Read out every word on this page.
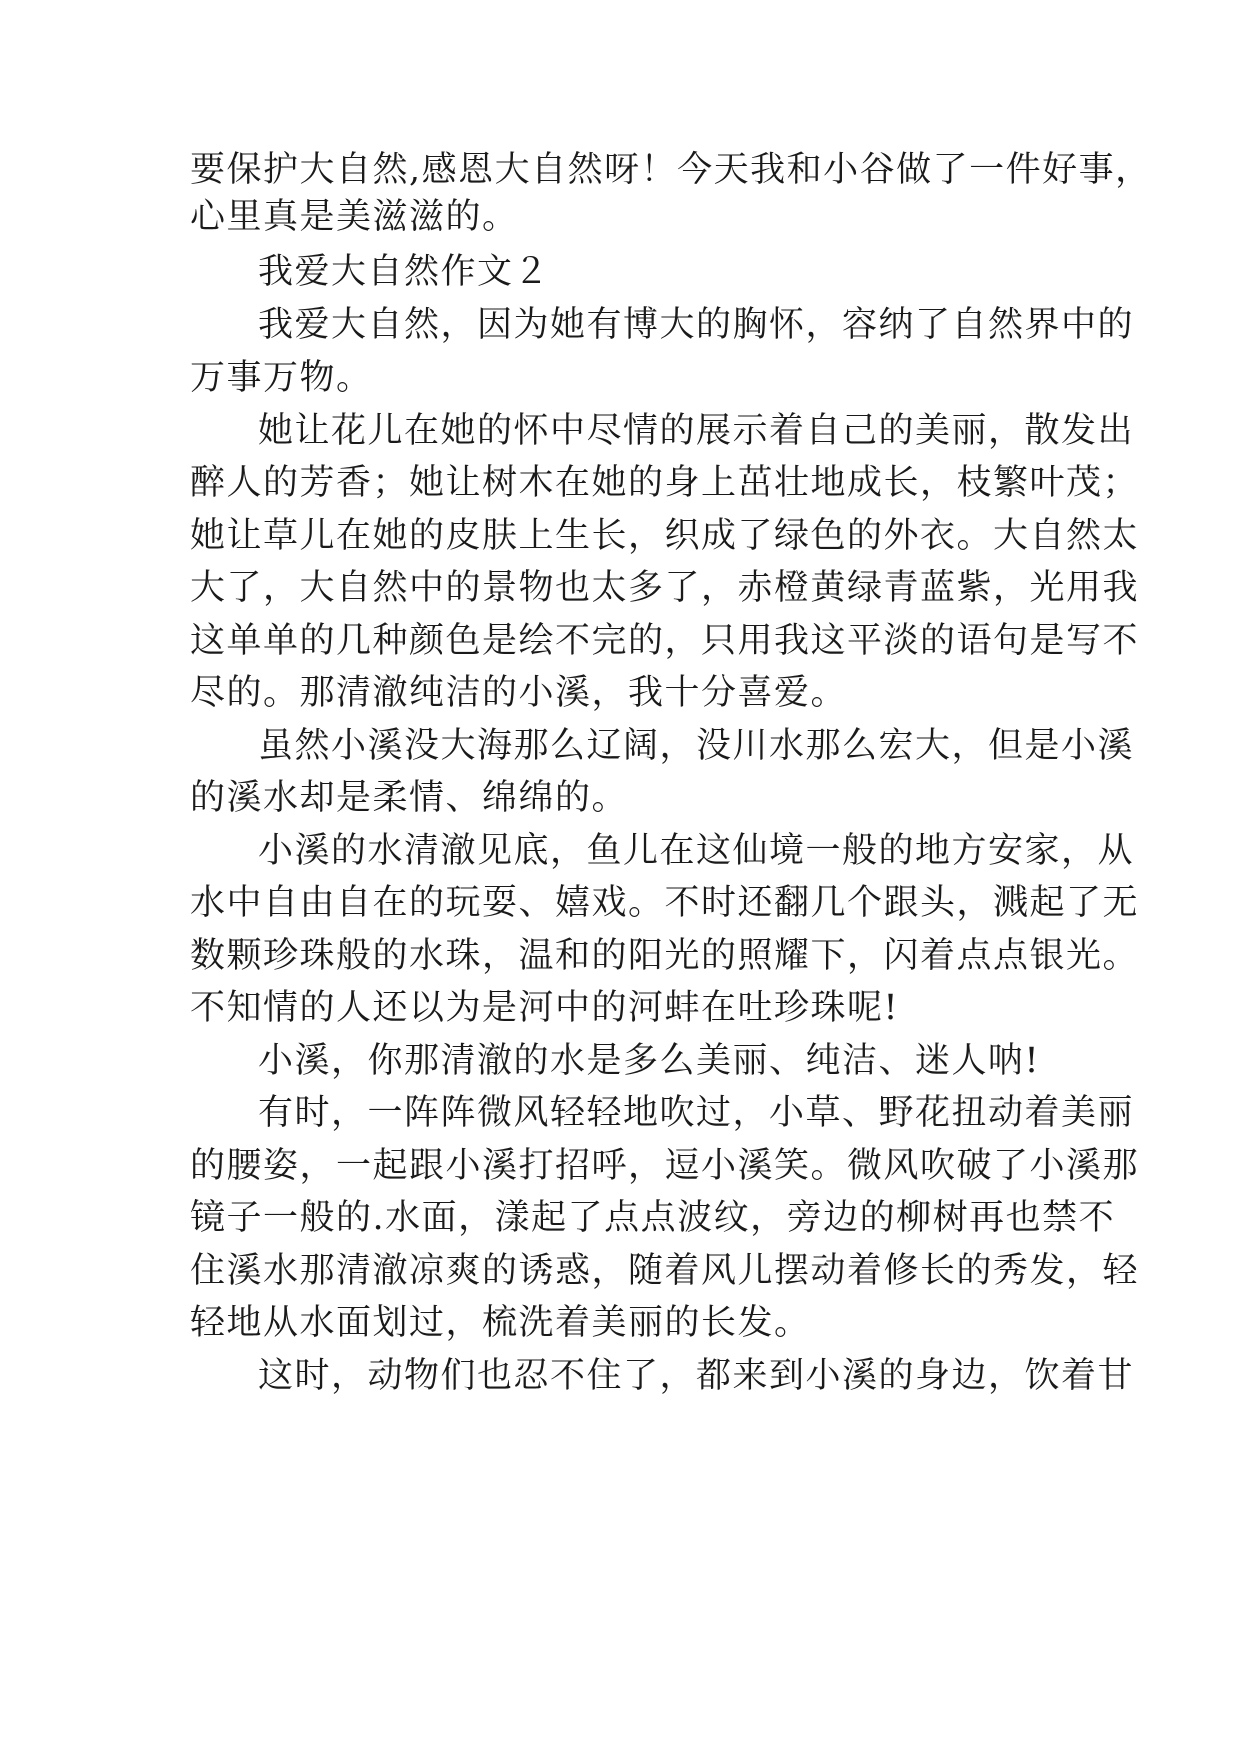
要保护大自然,感恩大自然呀！今天我和小谷做了一件好事，
心里真是美滋滋的。
我爱大自然作文２
我爱大自然，因为她有博大的胸怀，容纳了自然界中的
万事万物。
她让花儿在她的怀中尽情的展示着自己的美丽，散发出
醉人的芳香；她让树木在她的身上茁壮地成长，枝繁叶茂；
她让草儿在她的皮肤上生长，织成了绿色的外衣。大自然太
大了，大自然中的景物也太多了，赤橙黄绿青蓝紫，光用我
这单单的几种颜色是绘不完的，只用我这平淡的语句是写不
尽的。那清澈纯洁的小溪，我十分喜爱。
虽然小溪没大海那么辽阔，没川水那么宏大，但是小溪
的溪水却是柔情、绵绵的。
小溪的水清澈见底，鱼儿在这仙境一般的地方安家，从
水中自由自在的玩耍、嬉戏。不时还翻几个跟头，溅起了无
数颗珍珠般的水珠，温和的阳光的照耀下，闪着点点银光。
不知情的人还以为是河中的河蚌在吐珍珠呢!
小溪，你那清澈的水是多么美丽、纯洁、迷人呐!
有时，一阵阵微风轻轻地吹过，小草、野花扭动着美丽
的腰姿，一起跟小溪打招呼，逗小溪笑。微风吹破了小溪那
镜子一般的.水面，漾起了点点波纹，旁边的柳树再也禁不
住溪水那清澈凉爽的诱惑，随着风儿摆动着修长的秀发，轻
轻地从水面划过，梳洗着美丽的长发。
这时，动物们也忍不住了，都来到小溪的身边，饮着甘
